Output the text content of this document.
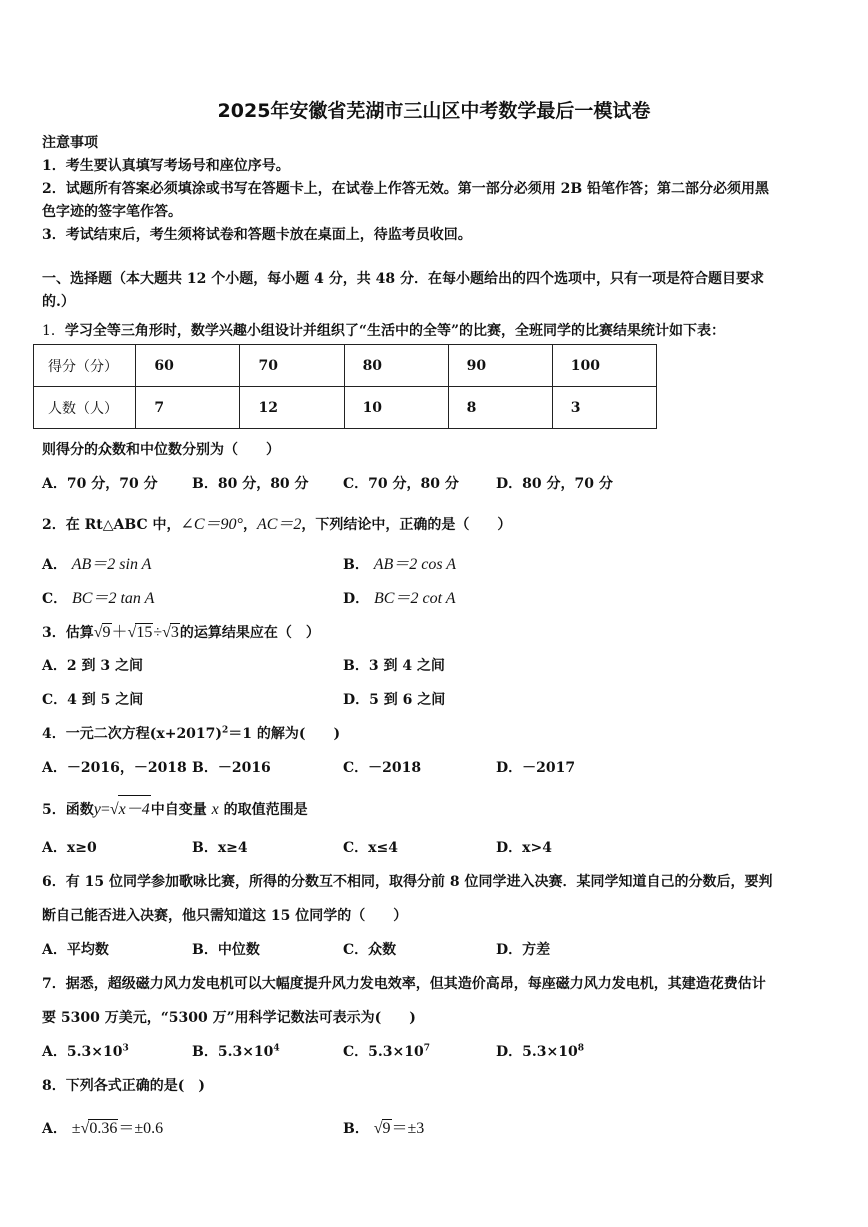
2025年安徽省芜湖市三山区中考数学最后一模试卷
注意事项
1．考生要认真填写考场号和座位序号。
2．试题所有答案必须填涂或书写在答题卡上，在试卷上作答无效。第一部分必须用 2B 铅笔作答；第二部分必须用黑
色字迹的签字笔作答。
3．考试结束后，考生须将试卷和答题卡放在桌面上，待监考员收回。
一、选择题（本大题共 12 个小题，每小题 4 分，共 48 分．在每小题给出的四个选项中，只有一项是符合题目要求
的.）
1．学习全等三角形时，数学兴趣小组设计并组织了“生活中的全等”的比赛，全班同学的比赛结果统计如下表：
得分（分）	60	70	80	90	100
人数（人）	7	12	10	8	3
则得分的众数和中位数分别为（　　）
A．70 分，70 分 B．80 分，80 分 C．70 分，80 分	D．80 分，70 分
2．在 Rt△ABC 中，∠C＝90°，AC＝2，下列结论中，正确的是（　　）
A． AB＝2 sin A	B． AB＝2 cos A
C． BC＝2 tan A	D． BC＝2 cot A
3．估算√9＋√15÷√3的运算结果应在（　）
A．2 到 3 之间	B．3 到 4 之间
C．4 到 5 之间	D．5 到 6 之间
4．一元二次方程$(x+2017)^2=1$ 的解为(　　)
A．－2016，－2018 B．－2016	C．－2018	D．－2017
5．函数y=√x－4中自变量 x 的取值范围是
A．x≥0	B．x≥4	C．x≤4	D．x>4
6．有 15 位同学参加歌咏比赛，所得的分数互不相同，取得分前 8 位同学进入决赛．某同学知道自己的分数后，要判
断自己能否进入决赛，他只需知道这 15 位同学的（　　）
A．平均数	B．中位数	C．众数	D．方差
7．据悉，超级磁力风力发电机可以大幅度提升风力发电效率，但其造价高昂，每座磁力风力发电机，其建造花费估计
要 5300 万美元，“5300 万”用科学记数法可表示为(　　)
A．$5.3\times 10^3$	B．$5.3\times 10^4$	C．$5.3\times 10^7$	D．$5.3\times 10^8$
8．下列各式正确的是(　)
A． ±√0.36＝±0.6	B． √9＝±3
